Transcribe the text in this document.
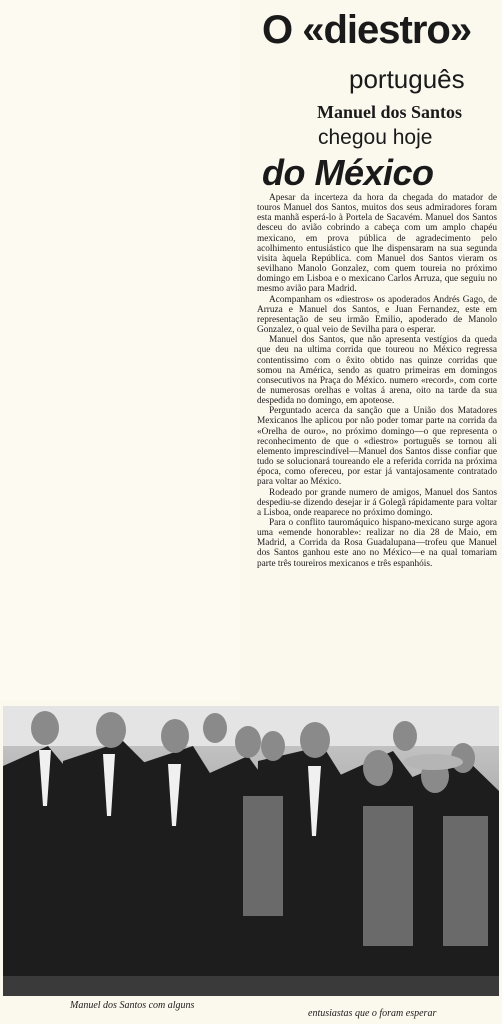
O «diestro»
português
Manuel dos Santos
chegou hoje
do México

Apesar da incerteza da hora da chegada do matador de touros Manuel dos Santos, muitos dos seus admiradores foram esta manhã esperá-lo à Portela de Sacavém. Manuel dos Santos desceu do avião cobrindo a cabeça com um amplo chapéu mexicano, em prova pública de agradecimento pelo acolhimento entusiástico que lhe dispensaram na sua segunda visita àquela República. com Manuel dos Santos vieram os sevilhano Manolo Gonzalez, com quem toureia no próximo domingo em Lisboa e o mexicano Carlos Arruza, que seguiu no mesmo avião para Madrid.

Acompanham os «diestros» os apoderados Andrés Gago, de Arruza e Manuel dos Santos, e Juan Fernandez, este em representação de seu irmão Emilio, apoderado de Manolo Gonzalez, o qual veio de Sevilha para o esperar.

Manuel dos Santos, que não apresenta vestígios da queda que deu na ultima corrida que toureou no México regressa contentissimo com o êxito obtido nas quinze corridas que somou na América, sendo as quatro primeiras em domingos consecutivos na Praça do México. numero «record», com corte de numerosas orelhas e voltas á arena, oito na tarde da sua despedida no domingo, em apoteose.

Perguntado acerca da sanção que a União dos Matadores Mexicanos lhe aplicou por não poder tomar parte na corrida da «Orelha de ouro», no próximo domingo—o que representa o reconhecimento de que o «diestro» português se tornou ali elemento imprescindível—Manuel dos Santos disse confiar que tudo se solucionará toureando ele a referida corrida na próxima época, como ofereceu, por estar já vantajosamente contratado para voltar ao México.

Rodeado por grande numero de amigos, Manuel dos Santos despediu-se dizendo desejar ir á Golegã rápidamente para voltar a Lisboa, onde reaparece no próximo domingo.

Para o conflito tauromáquico hispano-mexicano surge agora uma «emende honorable»: realizar no dia 28 de Maio, em Madrid, a Corrida da Rosa Guadalupana—trofeu que Manuel dos Santos ganhou este ano no México—e na qual tomariam parte três toureiros mexicanos e três espanhóis.

Manuel dos Santos com alguns
entusiastas que o foram esperar
